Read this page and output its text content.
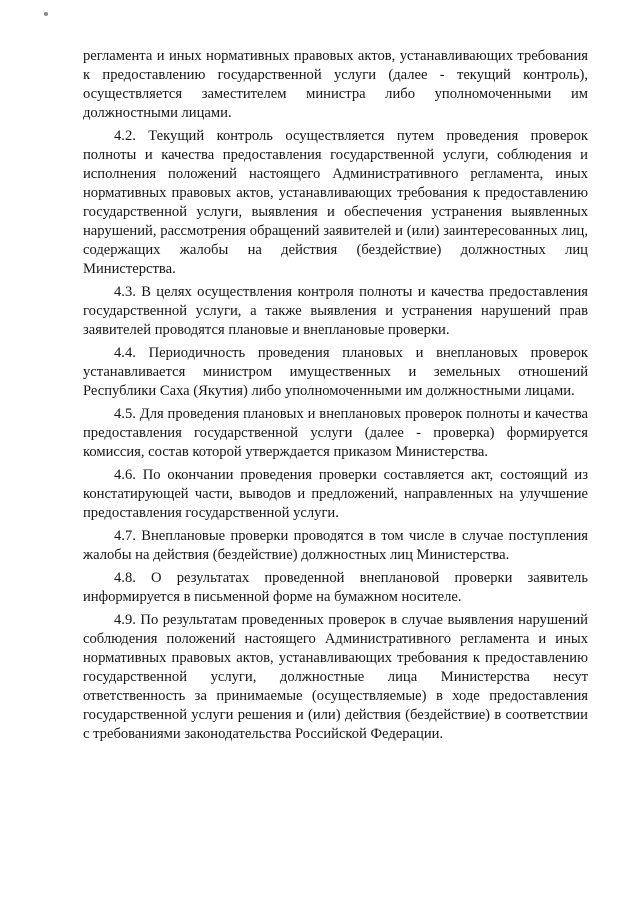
регламента и иных нормативных правовых актов, устанавливающих требования к предоставлению государственной услуги (далее - текущий контроль), осуществляется заместителем министра либо уполномоченными им должностными лицами.

4.2. Текущий контроль осуществляется путем проведения проверок полноты и качества предоставления государственной услуги, соблюдения и исполнения положений настоящего Административного регламента, иных нормативных правовых актов, устанавливающих требования к предоставлению государственной услуги, выявления и обеспечения устранения выявленных нарушений, рассмотрения обращений заявителей и (или) заинтересованных лиц, содержащих жалобы на действия (бездействие) должностных лиц Министерства.

4.3. В целях осуществления контроля полноты и качества предоставления государственной услуги, а также выявления и устранения нарушений прав заявителей проводятся плановые и внеплановые проверки.

4.4. Периодичность проведения плановых и внеплановых проверок устанавливается министром имущественных и земельных отношений Республики Саха (Якутия) либо уполномоченными им должностными лицами.

4.5. Для проведения плановых и внеплановых проверок полноты и качества предоставления государственной услуги (далее - проверка) формируется комиссия, состав которой утверждается приказом Министерства.

4.6. По окончании проведения проверки составляется акт, состоящий из констатирующей части, выводов и предложений, направленных на улучшение предоставления государственной услуги.

4.7. Внеплановые проверки проводятся в том числе в случае поступления жалобы на действия (бездействие) должностных лиц Министерства.

4.8. О результатах проведенной внеплановой проверки заявитель информируется в письменной форме на бумажном носителе.

4.9. По результатам проведенных проверок в случае выявления нарушений соблюдения положений настоящего Административного регламента и иных нормативных правовых актов, устанавливающих требования к предоставлению государственной услуги, должностные лица Министерства несут ответственность за принимаемые (осуществляемые) в ходе предоставления государственной услуги решения и (или) действия (бездействие) в соответствии с требованиями законодательства Российской Федерации.
